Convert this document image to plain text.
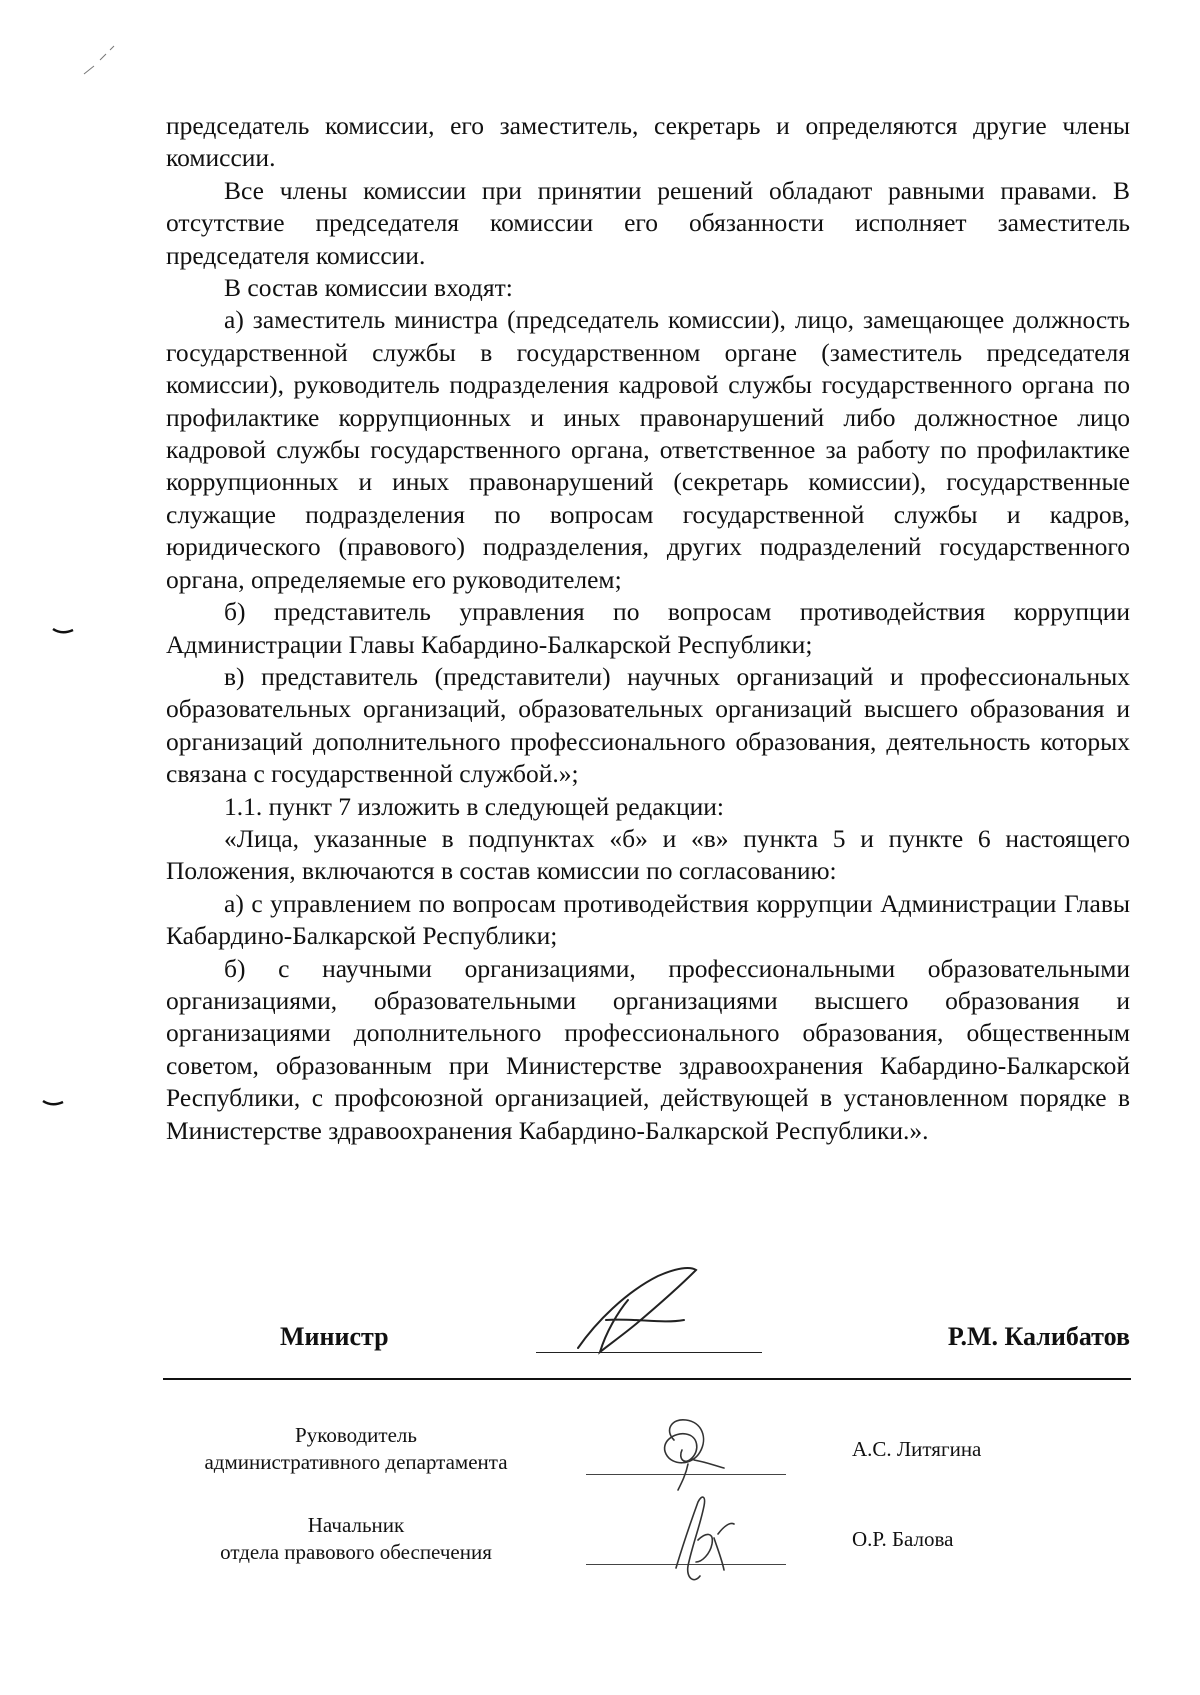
председатель комиссии, его заместитель, секретарь и определяются другие члены комиссии.

Все члены комиссии при принятии решений обладают равными правами. В отсутствие председателя комиссии его обязанности исполняет заместитель председателя комиссии.

В состав комиссии входят:

а) заместитель министра (председатель комиссии), лицо, замещающее должность государственной службы в государственном органе (заместитель председателя комиссии), руководитель подразделения кадровой службы государственного органа по профилактике коррупционных и иных правонарушений либо должностное лицо кадровой службы государственного органа, ответственное за работу по профилактике коррупционных и иных правонарушений (секретарь комиссии), государственные служащие подразделения по вопросам государственной службы и кадров, юридического (правового) подразделения, других подразделений государственного органа, определяемые его руководителем;

б) представитель управления по вопросам противодействия коррупции Администрации Главы Кабардино-Балкарской Республики;

в) представитель (представители) научных организаций и профессиональных образовательных организаций, образовательных организаций высшего образования и организаций дополнительного профессионального образования, деятельность которых связана с государственной службой.»;

1.1. пункт 7 изложить в следующей редакции:

«Лица, указанные в подпунктах «б» и «в» пункта 5 и пункте 6 настоящего Положения, включаются в состав комиссии по согласованию:

а) с управлением по вопросам противодействия коррупции Администрации Главы Кабардино-Балкарской Республики;

б) с научными организациями, профессиональными образовательными организациями, образовательными организациями высшего образования и организациями дополнительного профессионального образования, общественным советом, образованным при Министерстве здравоохранения Кабардино-Балкарской Республики, с профсоюзной организацией, действующей в установленном порядке в Министерстве здравоохранения Кабардино-Балкарской Республики.».

Министр	Р.М. Калибатов
Руководитель
административного департамента
А.С. Литягина
Начальник
отдела правового обеспечения
О.Р. Балова
